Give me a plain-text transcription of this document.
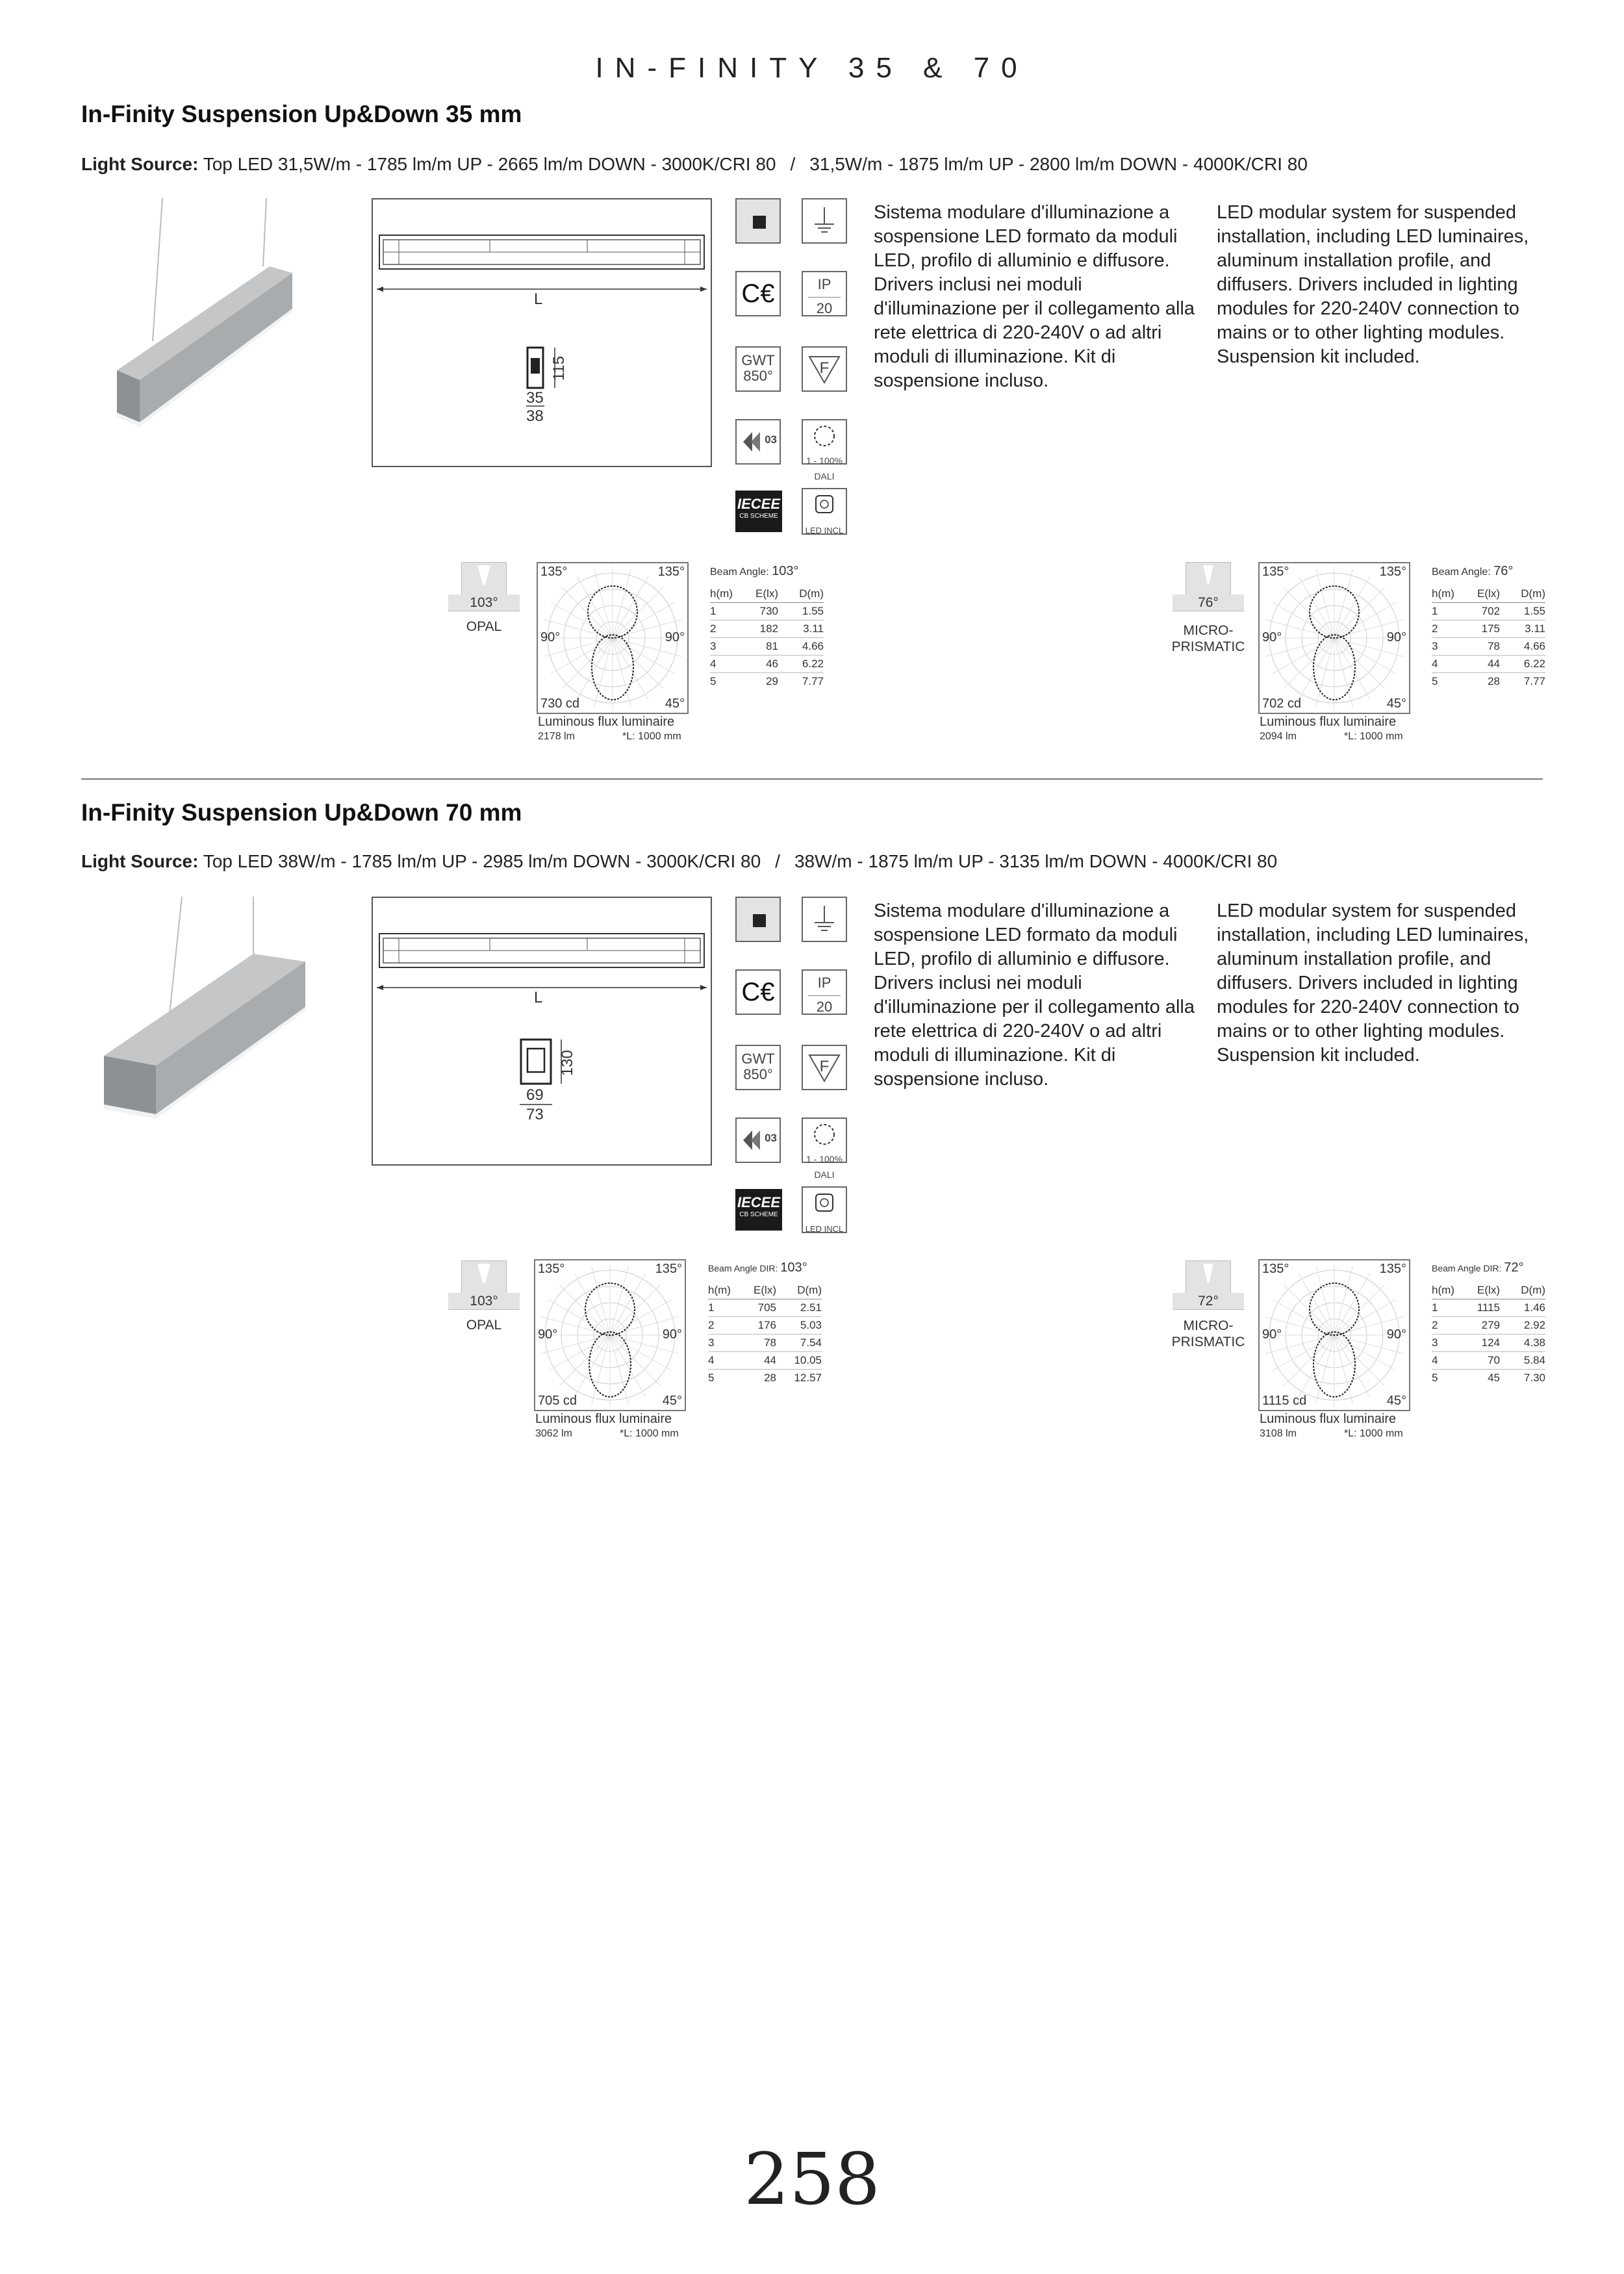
IN-FINITY 35 & 70
In-Finity Suspension Up&Down 35 mm
Light Source: Top LED 31,5W/m - 1785 lm/m UP - 2665 lm/m DOWN - 3000K/CRI 80 / 31,5W/m - 1875 lm/m UP - 2800 lm/m DOWN - 4000K/CRI 80
L
115
35
38
C€	IP
20
GWT
850°	F
03
1 - 100%
DALI
IECEE
CB SCHEME
LED INCL
Sistema modulare d'illuminazione a sospensione LED formato da moduli LED, profilo di alluminio e diffusore. Drivers inclusi nei moduli d'illuminazione per il collegamento alla rete elettrica di 220-240V o ad altri moduli di illuminazione. Kit di sospensione incluso.
LED modular system for suspended installation, including LED luminaires, aluminum installation profile, and diffusers. Drivers included in lighting modules for 220-240V connection to mains or to other lighting modules. Suspension kit included.
103°
OPAL
135°	135°
90°	90°
730 cd	45°
Luminous flux luminaire
2178 lm	*L: 1000 mm
Beam Angle: 103°
h(m)	E(lx)	D(m)
1	730	1.55
2	182	3.11
3	81	4.66
4	46	6.22
5	29	7.77
76°
MICRO-
PRISMATIC
135°	135°
90°	90°
702 cd	45°
Luminous flux luminaire
2094 lm	*L: 1000 mm
Beam Angle: 76°
h(m)	E(lx)	D(m)
1	702	1.55
2	175	3.11
3	78	4.66
4	44	6.22
5	28	7.77
In-Finity Suspension Up&Down 70 mm
Light Source: Top LED 38W/m - 1785 lm/m UP - 2985 lm/m DOWN - 3000K/CRI 80 / 38W/m - 1875 lm/m UP - 3135 lm/m DOWN - 4000K/CRI 80
L
130
69
73
C€	IP
20
GWT
850°	F
03
1 - 100%
DALI
IECEE
CB SCHEME
LED INCL
Sistema modulare d'illuminazione a sospensione LED formato da moduli LED, profilo di alluminio e diffusore. Drivers inclusi nei moduli d'illuminazione per il collegamento alla rete elettrica di 220-240V o ad altri moduli di illuminazione. Kit di sospensione incluso.
LED modular system for suspended installation, including LED luminaires, aluminum installation profile, and diffusers. Drivers included in lighting modules for 220-240V connection to mains or to other lighting modules. Suspension kit included.
103°
OPAL
135°	135°
90°	90°
705 cd	45°
Luminous flux luminaire
3062 lm	*L: 1000 mm
Beam Angle DIR: 103°
h(m)	E(lx)	D(m)
1	705	2.51
2	176	5.03
3	78	7.54
4	44	10.05
5	28	12.57
72°
MICRO-
PRISMATIC
135°	135°
90°	90°
1115 cd	45°
Luminous flux luminaire
3108 lm	*L: 1000 mm
Beam Angle DIR: 72°
h(m)	E(lx)	D(m)
1	1115	1.46
2	279	2.92
3	124	4.38
4	70	5.84
5	45	7.30
258
